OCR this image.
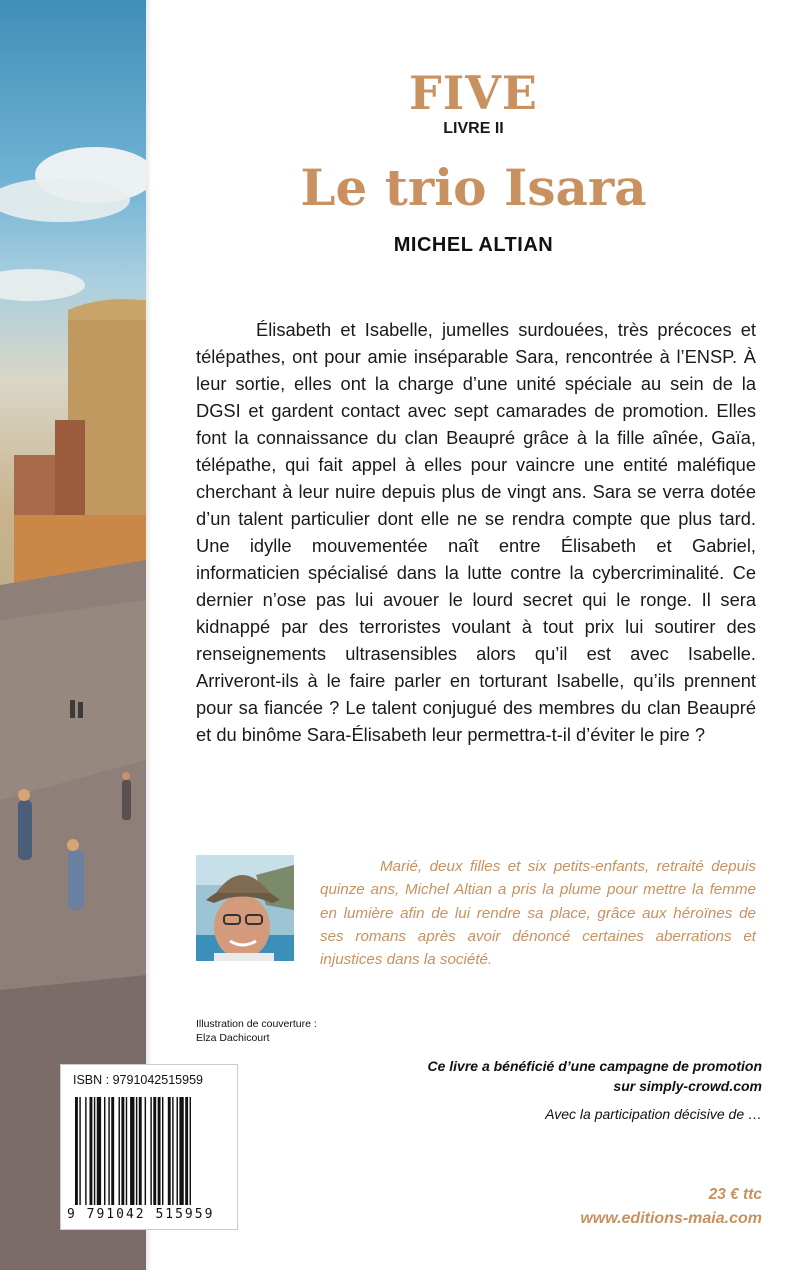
FIVE
LIVRE II
Le trio Isara
MICHEL ALTIAN

Élisabeth et Isabelle, jumelles surdouées, très précoces et télépathes, ont pour amie inséparable Sara, rencontrée à l’ENSP. À leur sortie, elles ont la charge d’une unité spéciale au sein de la DGSI et gardent contact avec sept camarades de promotion. Elles font la connaissance du clan Beaupré grâce à la fille aînée, Gaïa, télépathe, qui fait appel à elles pour vaincre une entité maléfique cherchant à leur nuire depuis plus de vingt ans. Sara se verra dotée d’un talent particulier dont elle ne se rendra compte que plus tard. Une idylle mouvementée naît entre Élisabeth et Gabriel, informaticien spécialisé dans la lutte contre la cybercriminalité. Ce dernier n’ose pas lui avouer le lourd secret qui le ronge. Il sera kidnappé par des terroristes voulant à tout prix lui soutirer des renseignements ultrasensibles alors qu’il est avec Isabelle. Arriveront-ils à le faire parler en torturant Isabelle, qu’ils prennent pour sa fiancée ? Le talent conjugué des membres du clan Beaupré et du binôme Sara-Élisabeth leur permettra-t-il d’éviter le pire ?

Marié, deux filles et six petits-enfants, retraité depuis quinze ans, Michel Altian a pris la plume pour mettre la femme en lumière afin de lui rendre sa place, grâce aux héroïnes de ses romans après avoir dénoncé certaines aberrations et injustices dans la société.

Illustration de couverture :
Elza Dachicourt
ISBN : 9791042515959
9 791042 515959
Ce livre a bénéficié d’une campagne de promotion
sur simply-crowd.com
Avec la participation décisive de …
23 € ttc
www.editions-maia.com
